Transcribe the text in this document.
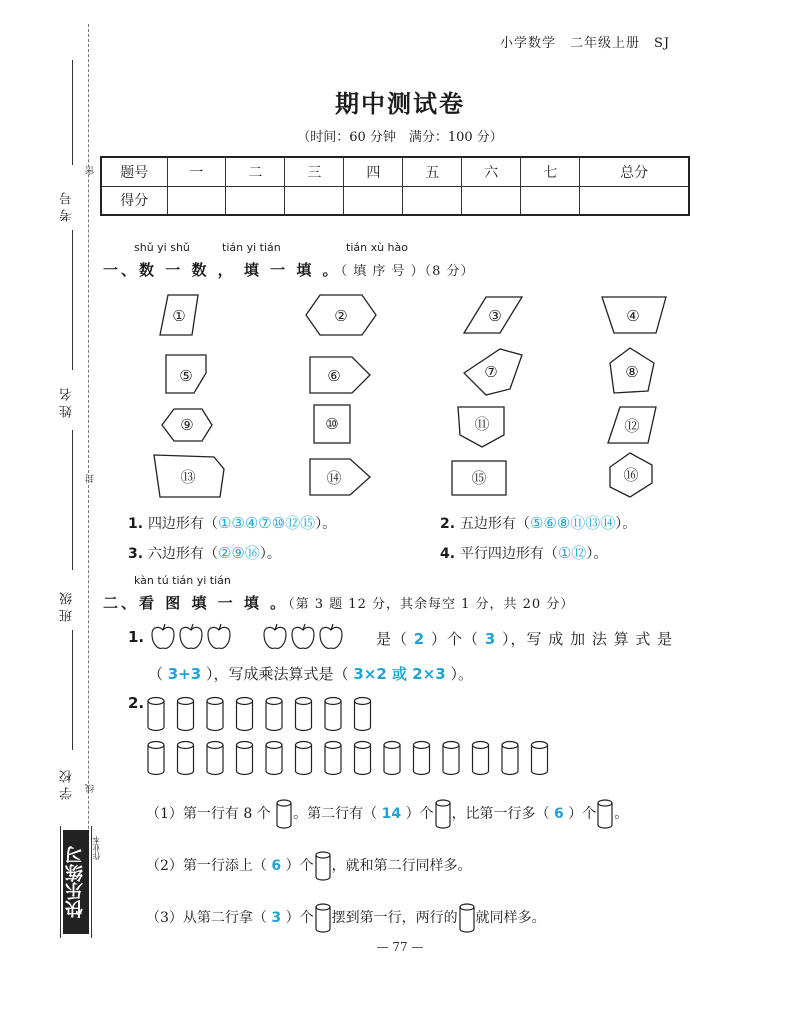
小学数学　二年级上册　SJ
考号
姓名
班级
学校
密
封
线
快乐练习 作业本
期中测试卷
（时间：60 分钟　满分：100 分）
题号	一	二	三	四	五	六	七	总分
得分								
shǔ yi shǔ	tián yi tián	tián xù hào
一、数 一 数 ， 填 一 填 。（ 填 序 号 ）（8 分）
①	②	③	④
⑤	⑥	⑦	⑧
⑨	⑩	⑪	⑫
⑬	⑭	⑮	⑯
1. 四边形有（①③④⑦⑩⑫⑮）。	2. 五边形有（⑤⑥⑧⑪⑬⑭）。
3. 六边形有（②⑨⑯）。	4. 平行四边形有（①⑫）。
kàn tú tián yi tián
二、看 图 填 一 填 。（第 3 题 12 分，其余每空 1 分，共 20 分）
1.	是（ 2 ）个（ 3 ），写 成 加 法 算 式 是
（ 3+3 ），写成乘法算式是（ 3×2 或 2×3 ）。
2.
（1）第一行有 8 个 。第二行有（ 14 ）个 ，比第一行多（ 6 ）个 。
（2）第一行添上（ 6 ）个 ，就和第二行同样多。
（3）从第二行拿（ 3 ）个 摆到第一行，两行的 就同样多。
— 77 —
